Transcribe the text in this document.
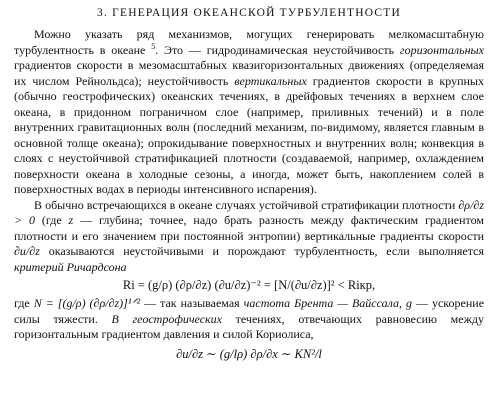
3. ГЕНЕРАЦИЯ ОКЕАНСКОЙ ТУРБУЛЕНТНОСТИ

Можно указать ряд механизмов, могущих генерировать мелкомасштабную турбулентность в океане $^5$. Это — гидродинамическая неустойчивость горизонтальных градиентов скорости в мезомасштабных квазигоризонтальных движениях (определяемая их числом Рейнольдса); неустойчивость вертикальных градиентов скорости в крупных (обычно геострофических) океанских течениях, в дрейфовых течениях в верхнем слое океана, в придонном пограничном слое (например, приливных течений) и в поле внутренних гравитационных волн (последний механизм, по-видимому, является главным в основной толще океана); опрокидывание поверхностных и внутренних волн; конвекция в слоях с неустойчивой стратификацией плотности (создаваемой, например, охлаждением поверхности океана в холодные сезоны, а иногда, может быть, накоплением солей в поверхностных водах в периоды интенсивного испарения).

В обычно встречающихся в океане случаях устойчивой стратификации плотности ∂ρ/∂z > 0 (где z — глубина; точнее, надо брать разность между фактическим градиентом плотности и его значением при постоянной энтропии) вертикальные градиенты скорости ∂u/∂z оказываются неустойчивыми и порождают турбулентность, если выполняется критерий Ричардсона

Ri = (g/ρ) (∂ρ/∂z) (∂u/∂z)⁻² = [N/(∂u/∂z)]² < Riкр,

где N = [(g/ρ) (∂ρ/∂z)]¹ᐟ² — так называемая частота Брента — Вайссала, g — ускорение силы тяжести. В геострофических течениях, отвечающих равновесию между горизонтальным градиентом давления и силой Кориолиса,

∂u/∂z ∼ (g/lρ) ∂ρ/∂x ∼ KN²/l
